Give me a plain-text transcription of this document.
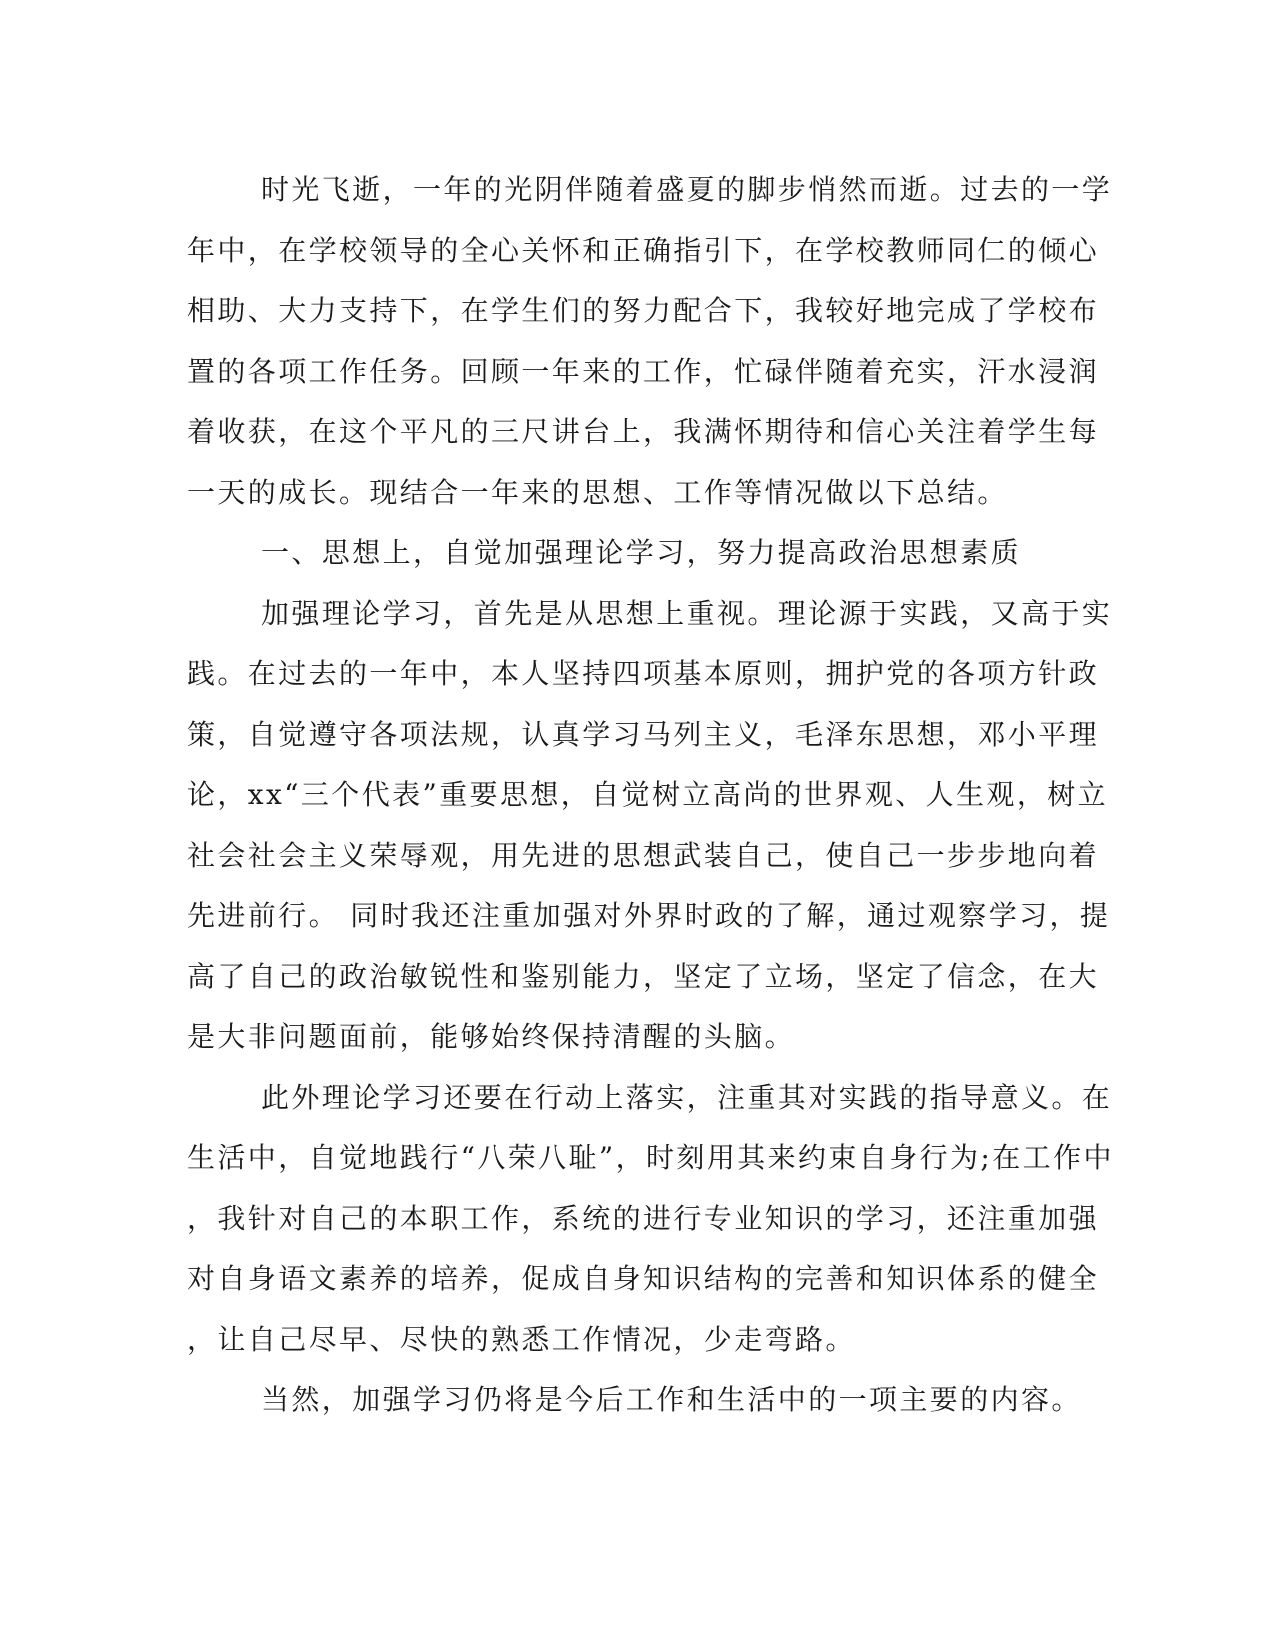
时光飞逝，一年的光阴伴随着盛夏的脚步悄然而逝。过去的一学
年中，在学校领导的全心关怀和正确指引下，在学校教师同仁的倾心
相助、大力支持下，在学生们的努力配合下，我较好地完成了学校布
置的各项工作任务。回顾一年来的工作，忙碌伴随着充实，汗水浸润
着收获，在这个平凡的三尺讲台上，我满怀期待和信心关注着学生每
一天的成长。现结合一年来的思想、工作等情况做以下总结。
一、思想上，自觉加强理论学习，努力提高政治思想素质
加强理论学习，首先是从思想上重视。理论源于实践，又高于实
践。在过去的一年中，本人坚持四项基本原则，拥护党的各项方针政
策，自觉遵守各项法规，认真学习马列主义，毛泽东思想，邓小平理
论，xx“三个代表”重要思想，自觉树立高尚的世界观、人生观，树立
社会社会主义荣辱观，用先进的思想武装自己，使自己一步步地向着
先进前行。 同时我还注重加强对外界时政的了解，通过观察学习，提
高了自己的政治敏锐性和鉴别能力，坚定了立场，坚定了信念，在大
是大非问题面前，能够始终保持清醒的头脑。
此外理论学习还要在行动上落实，注重其对实践的指导意义。在
生活中，自觉地践行“八荣八耻”，时刻用其来约束自身行为;在工作中
，我针对自己的本职工作，系统的进行专业知识的学习，还注重加强
对自身语文素养的培养，促成自身知识结构的完善和知识体系的健全
，让自己尽早、尽快的熟悉工作情况，少走弯路。
当然，加强学习仍将是今后工作和生活中的一项主要的内容。
